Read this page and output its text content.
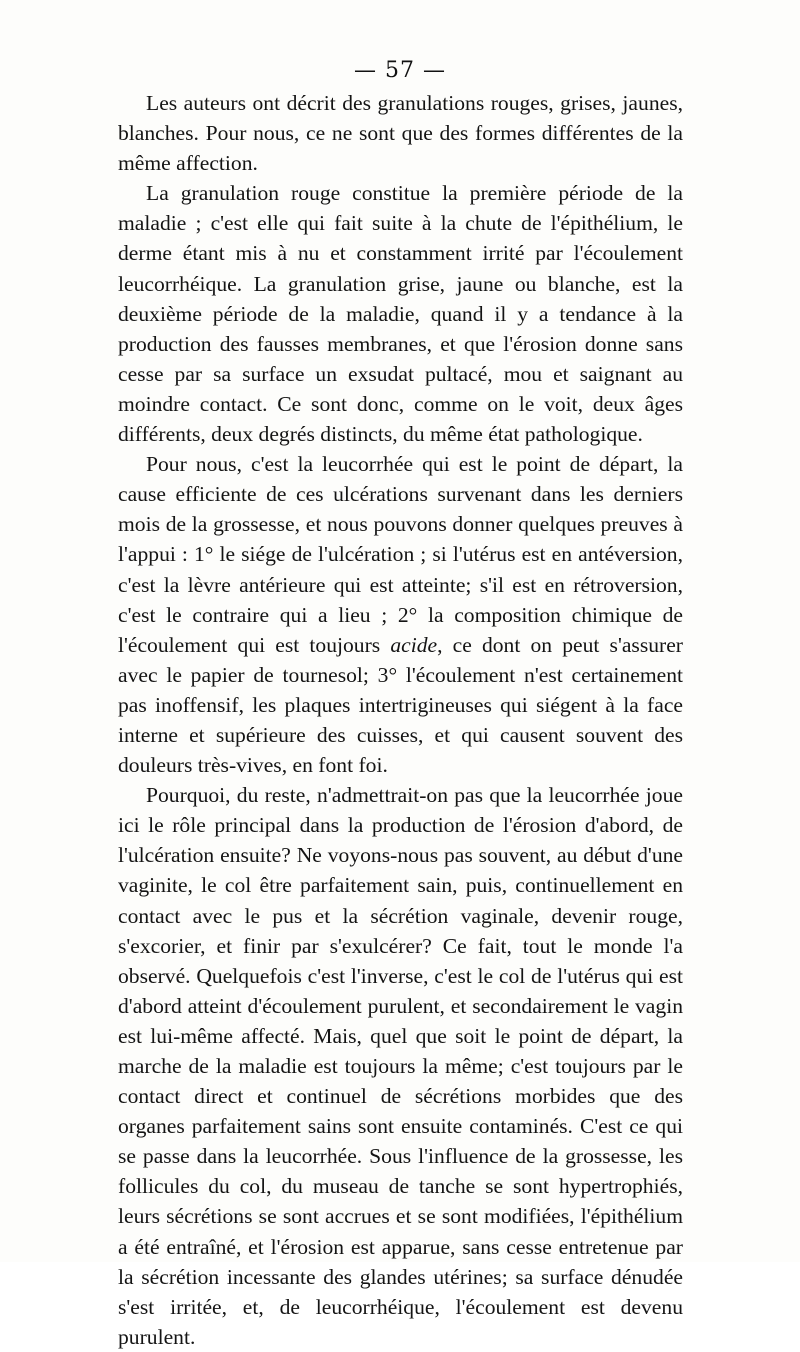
— 57 —

Les auteurs ont décrit des granulations rouges, grises, jaunes, blanches. Pour nous, ce ne sont que des formes différentes de la même affection.

La granulation rouge constitue la première période de la maladie ; c'est elle qui fait suite à la chute de l'épithélium, le derme étant mis à nu et constamment irrité par l'écoulement leucorrhéique. La granulation grise, jaune ou blanche, est la deuxième période de la maladie, quand il y a tendance à la production des fausses membranes, et que l'érosion donne sans cesse par sa surface un exsudat pultacé, mou et saignant au moindre contact. Ce sont donc, comme on le voit, deux âges différents, deux degrés distincts, du même état pathologique.

Pour nous, c'est la leucorrhée qui est le point de départ, la cause efficiente de ces ulcérations survenant dans les derniers mois de la grossesse, et nous pouvons donner quelques preuves à l'appui : 1° le siége de l'ulcération ; si l'utérus est en antéversion, c'est la lèvre antérieure qui est atteinte; s'il est en rétroversion, c'est le contraire qui a lieu ; 2° la composition chimique de l'écoulement qui est toujours acide, ce dont on peut s'assurer avec le papier de tournesol; 3° l'écoulement n'est certainement pas inoffensif, les plaques intertrigineuses qui siégent à la face interne et supérieure des cuisses, et qui causent souvent des douleurs très-vives, en font foi.

Pourquoi, du reste, n'admettrait-on pas que la leucorrhée joue ici le rôle principal dans la production de l'érosion d'abord, de l'ulcération ensuite? Ne voyons-nous pas souvent, au début d'une vaginite, le col être parfaitement sain, puis, continuellement en contact avec le pus et la sécrétion vaginale, devenir rouge, s'excorier, et finir par s'exulcérer? Ce fait, tout le monde l'a observé. Quelquefois c'est l'inverse, c'est le col de l'utérus qui est d'abord atteint d'écoulement purulent, et secondairement le vagin est lui-même affecté. Mais, quel que soit le point de départ, la marche de la maladie est toujours la même; c'est toujours par le contact direct et continuel de sécrétions morbides que des organes parfaitement sains sont ensuite contaminés. C'est ce qui se passe dans la leucorrhée. Sous l'influence de la grossesse, les follicules du col, du museau de tanche se sont hypertrophiés, leurs sécrétions se sont accrues et se sont modifiées, l'épithélium a été entraîné, et l'érosion est apparue, sans cesse entretenue par la sécrétion incessante des glandes utérines; sa surface dénudée s'est irritée, et, de leucorrhéique, l'écoulement est devenu purulent.
